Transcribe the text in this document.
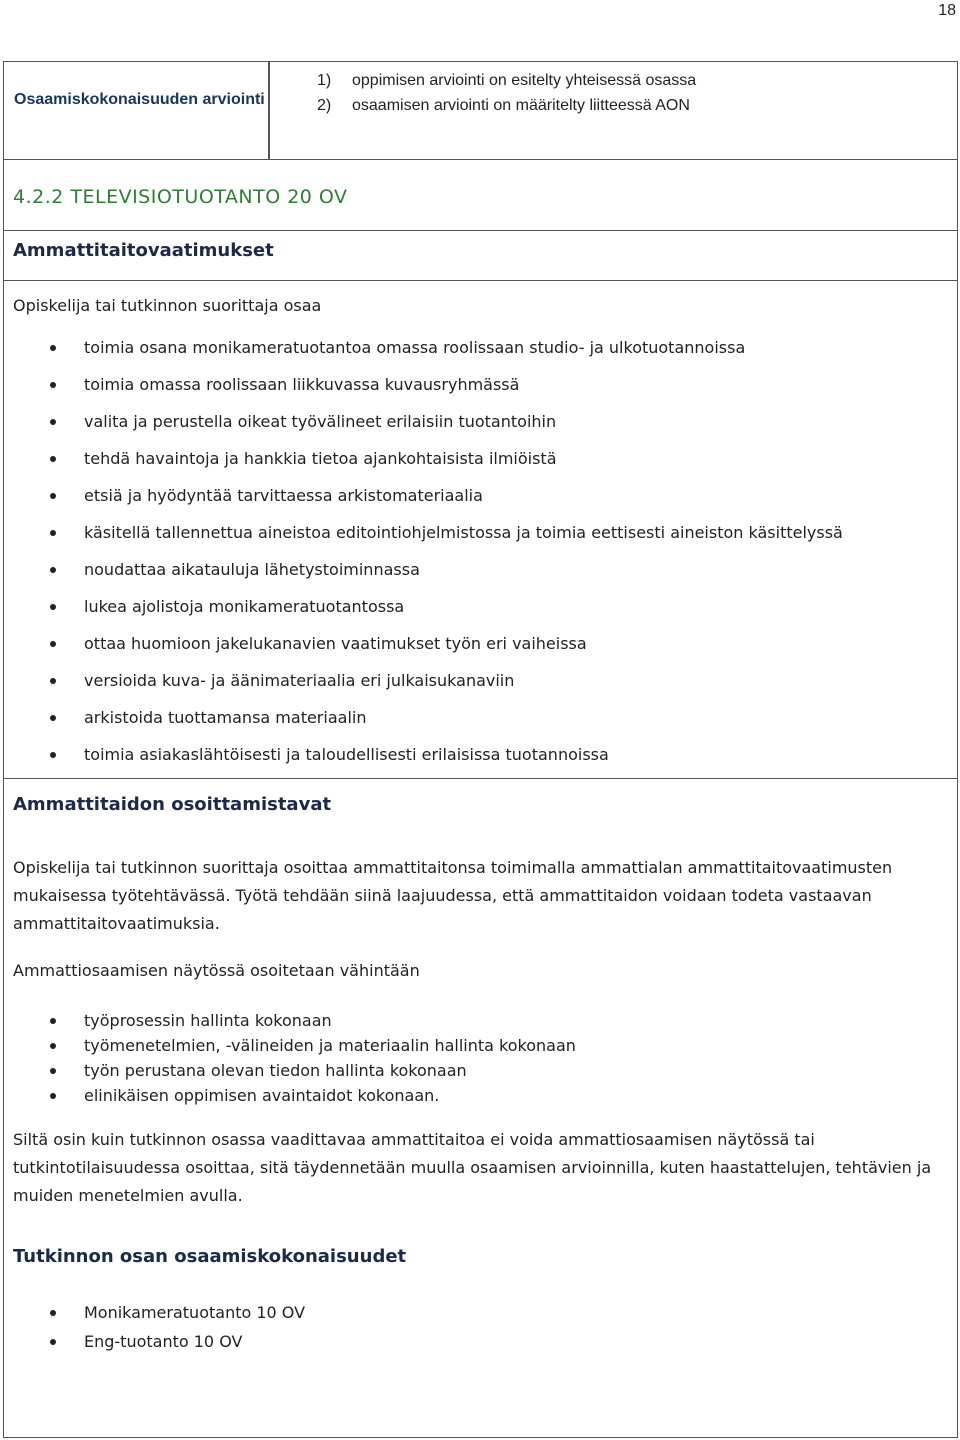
18
Osaamiskokonaisuuden arviointi
1) oppimisen arviointi on esitelty yhteisessä osassa
2) osaamisen arviointi on määritelty liitteessä AON
4.2.2 TELEVISIOTUOTANTO 20 OV
Ammattitaitovaatimukset
Opiskelija tai tutkinnon suorittaja osaa
toimia osana monikameratuotantoa omassa roolissaan studio- ja ulkotuotannoissa
toimia omassa roolissaan liikkuvassa kuvausryhmässä
valita ja perustella oikeat työvälineet erilaisiin tuotantoihin
tehdä havaintoja ja hankkia tietoa ajankohtaisista ilmiöistä
etsiä ja hyödyntää tarvittaessa arkistomateriaalia
käsitellä tallennettua aineistoa editointiohjelmistossa ja toimia eettisesti aineiston käsittelyssä
noudattaa aikatauluja lähetystoiminnassa
lukea ajolistoja monikameratuotantossa
ottaa huomioon jakelukanavien vaatimukset työn eri vaiheissa
versioida kuva- ja äänimateriaalia eri julkaisukanaviin
arkistoida tuottamansa materiaalin
toimia asiakaslähtöisesti ja taloudellisesti erilaisissa tuotannoissa
Ammattitaidon osoittamistavat
Opiskelija tai tutkinnon suorittaja osoittaa ammattitaitonsa toimimalla ammattialan ammattitaitovaatimusten
mukaisessa työtehtävässä. Työtä tehdään siinä laajuudessa, että ammattitaidon voidaan todeta vastaavan
ammattitaitovaatimuksia.
Ammattiosaamisen näytössä osoitetaan vähintään
työprosessin hallinta kokonaan
työmenetelmien, -välineiden ja materiaalin hallinta kokonaan
työn perustana olevan tiedon hallinta kokonaan
elinikäisen oppimisen avaintaidot kokonaan.
Siltä osin kuin tutkinnon osassa vaadittavaa ammattitaitoa ei voida ammattiosaamisen näytössä tai
tutkintotilaisuudessa osoittaa, sitä täydennetään muulla osaamisen arvioinnilla, kuten haastattelujen, tehtävien ja
muiden menetelmien avulla.
Tutkinnon osan osaamiskokonaisuudet
Monikameratuotanto 10 OV
Eng-tuotanto 10 OV
